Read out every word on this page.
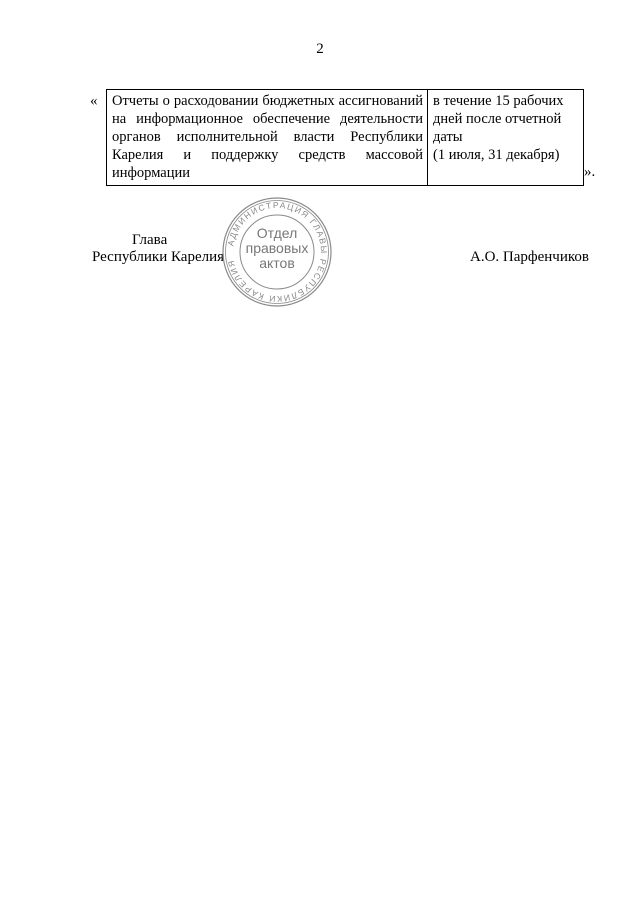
2
« Отчеты о расходовании бюджетных ассигнований на информационное обеспечение деятельности органов исполнительной власти Республики Карелия и поддержку средств массовой информации	в течение 15 рабочих дней после отчетной даты
(1 июля, 31 декабря)
».
Глава
Республики Карелия	А.О. Парфенчиков
АДМИНИСТРАЦИЯ ГЛАВЫ РЕСПУБЛИКИ КАРЕЛИЯ
Отдел
правовых
актов
